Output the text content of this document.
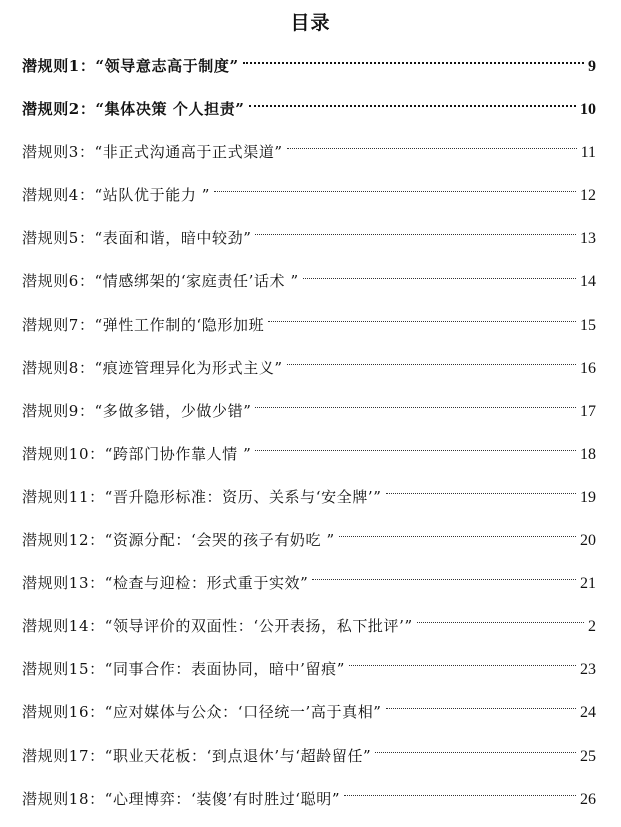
目录
潜规则1：“领导意志高于制度”	9
潜规则2：“集体决策 个人担责”	10
潜规则3：“非正式沟通高于正式渠道”	11
潜规则4：“站队优于能力 ”	12
潜规则5：“表面和谐，暗中较劲”	13
潜规则6：“情感绑架的‘家庭责任’话术 ”	14
潜规则7：“弹性工作制的‘隐形加班	15
潜规则8：“痕迹管理异化为形式主义”	16
潜规则9：“多做多错，少做少错”	17
潜规则10：“跨部门协作靠人情 ”	18
潜规则11：“晋升隐形标准：资历、关系与‘安全牌’”	19
潜规则12：“资源分配：‘会哭的孩子有奶吃 ”	20
潜规则13：“检查与迎检：形式重于实效”	21
潜规则14：“领导评价的双面性：‘公开表扬，私下批评’”	2
潜规则15：“同事合作：表面协同，暗中’留痕”	23
潜规则16：“应对媒体与公众：‘口径统一’高于真相”	24
潜规则17：“职业天花板：‘到点退休’与‘超龄留任”	25
潜规则18：“心理博弈：‘装傻’有时胜过‘聪明”	26
